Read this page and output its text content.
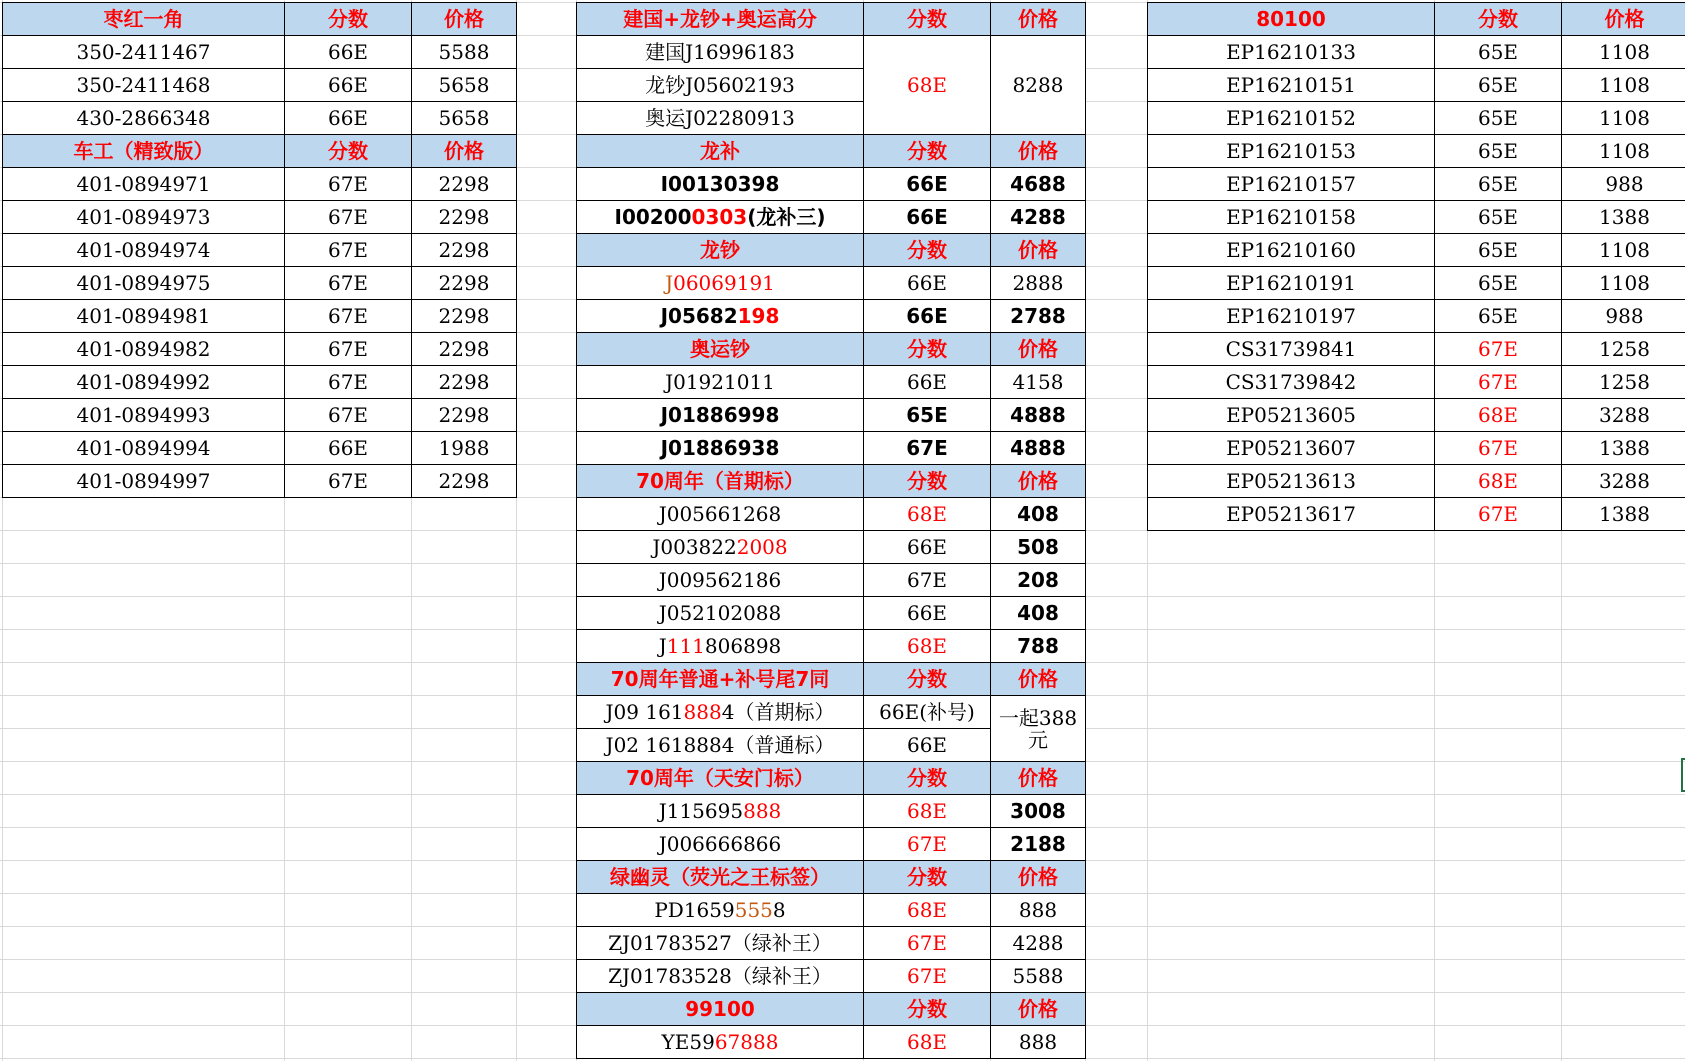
枣红一角	分数	价格
350-2411467	66E	5588
350-2411468	66E	5658
430-2866348	66E	5658
车工（精致版）	分数	价格
401-0894971	67E	2298
401-0894973	67E	2298
401-0894974	67E	2298
401-0894975	67E	2298
401-0894981	67E	2298
401-0894982	67E	2298
401-0894992	67E	2298
401-0894993	67E	2298
401-0894994	66E	1988
401-0894997	67E	2298
建国+龙钞+奥运高分	分数	价格
建国J16996183	68E	8288
龙钞J05602193		
奥运J02280913		
龙补	分数	价格
I00130398	66E	4688
I002000303(龙补三)	66E	4288
龙钞	分数	价格
J06069191	66E	2888
J05682198	66E	2788
奥运钞	分数	价格
J01921011	66E	4158
J01886998	65E	4888
J01886938	67E	4888
70周年（首期标）	分数	价格
J005661268	68E	408
J0038222008	66E	508
J009562186	67E	208
J052102088	66E	408
J111806898	68E	788
70周年普通+补号尾7同	分数	价格
J09 1618884（首期标）	66E(补号)	一起388元
J02 1618884（普通标）	66E	
70周年（天安门标）	分数	价格
J115695888	68E	3008
J006666866	67E	2188
绿幽灵（荧光之王标签）	分数	价格
PD16595558	68E	888
ZJ01783527（绿补王）	67E	4288
ZJ01783528（绿补王）	67E	5588
99100	分数	价格
YE5967888	68E	888
80100	分数	价格
EP16210133	65E	1108
EP16210151	65E	1108
EP16210152	65E	1108
EP16210153	65E	1108
EP16210157	65E	988
EP16210158	65E	1388
EP16210160	65E	1108
EP16210191	65E	1108
EP16210197	65E	988
CS31739841	67E	1258
CS31739842	67E	1258
EP05213605	68E	3288
EP05213607	67E	1388
EP05213613	68E	3288
EP05213617	67E	1388
